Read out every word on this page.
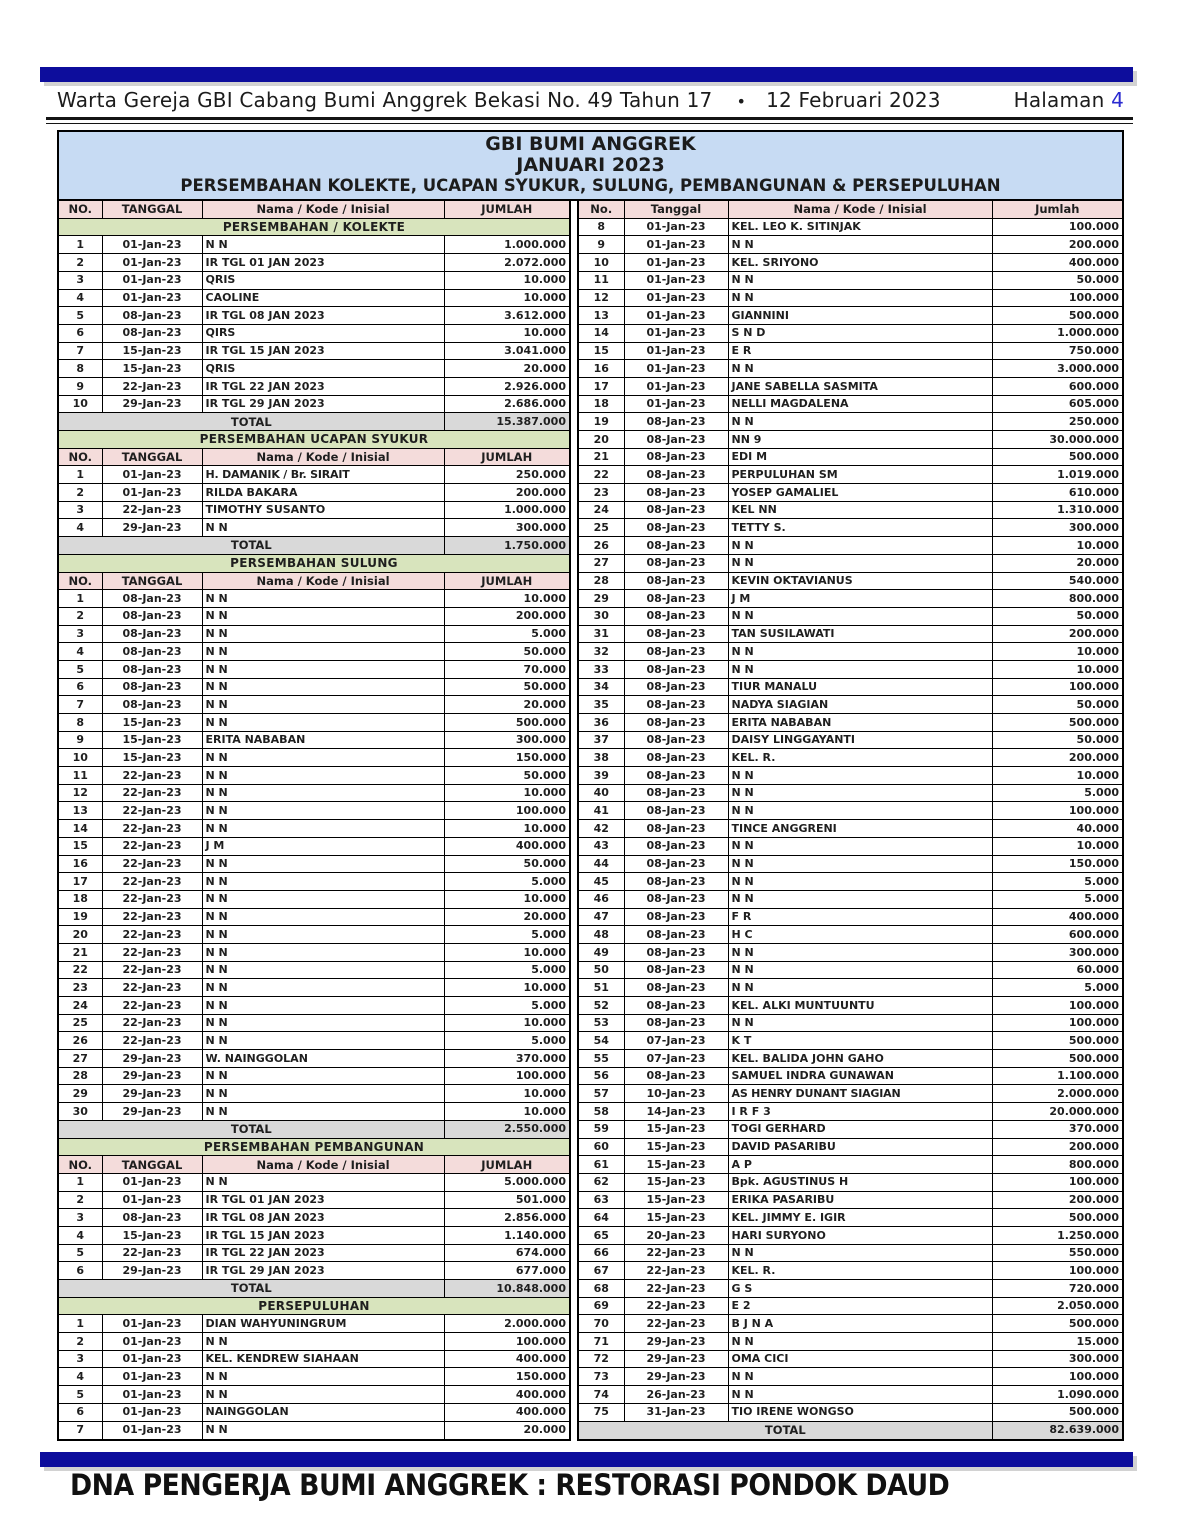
Warta Gereja GBI Cabang Bumi Anggrek Bekasi No. 49 Tahun 17 • 12 Februari 2023	Halaman 4
GBI BUMI ANGGREK
JANUARI 2023
PERSEMBAHAN KOLEKTE, UCAPAN SYUKUR, SULUNG, PEMBANGUNAN & PERSEPULUHAN
NO.	TANGGAL	Nama / Kode / Inisial	JUMLAH
PERSEMBAHAN / KOLEKTE			
1	01-Jan-23	N N	1.000.000
2	01-Jan-23	IR TGL 01 JAN 2023	2.072.000
3	01-Jan-23	QRIS	10.000
4	01-Jan-23	CAOLINE	10.000
5	08-Jan-23	IR TGL 08 JAN 2023	3.612.000
6	08-Jan-23	QIRS	10.000
7	15-Jan-23	IR TGL 15 JAN 2023	3.041.000
8	15-Jan-23	QRIS	20.000
9	22-Jan-23	IR TGL 22 JAN 2023	2.926.000
10	29-Jan-23	IR TGL 29 JAN 2023	2.686.000
TOTAL			15.387.000
PERSEMBAHAN UCAPAN SYUKUR			
NO.	TANGGAL	Nama / Kode / Inisial	JUMLAH
1	01-Jan-23	H. DAMANIK / Br. SIRAIT	250.000
2	01-Jan-23	RILDA BAKARA	200.000
3	22-Jan-23	TIMOTHY SUSANTO	1.000.000
4	29-Jan-23	N N	300.000
TOTAL			1.750.000
PERSEMBAHAN SULUNG			
NO.	TANGGAL	Nama / Kode / Inisial	JUMLAH
1	08-Jan-23	N N	10.000
2	08-Jan-23	N N	200.000
3	08-Jan-23	N N	5.000
4	08-Jan-23	N N	50.000
5	08-Jan-23	N N	70.000
6	08-Jan-23	N N	50.000
7	08-Jan-23	N N	20.000
8	15-Jan-23	N N	500.000
9	15-Jan-23	ERITA NABABAN	300.000
10	15-Jan-23	N N	150.000
11	22-Jan-23	N N	50.000
12	22-Jan-23	N N	10.000
13	22-Jan-23	N N	100.000
14	22-Jan-23	N N	10.000
15	22-Jan-23	J M	400.000
16	22-Jan-23	N N	50.000
17	22-Jan-23	N N	5.000
18	22-Jan-23	N N	10.000
19	22-Jan-23	N N	20.000
20	22-Jan-23	N N	5.000
21	22-Jan-23	N N	10.000
22	22-Jan-23	N N	5.000
23	22-Jan-23	N N	10.000
24	22-Jan-23	N N	5.000
25	22-Jan-23	N N	10.000
26	22-Jan-23	N N	5.000
27	29-Jan-23	W. NAINGGOLAN	370.000
28	29-Jan-23	N N	100.000
29	29-Jan-23	N N	10.000
30	29-Jan-23	N N	10.000
TOTAL			2.550.000
PERSEMBAHAN PEMBANGUNAN			
NO.	TANGGAL	Nama / Kode / Inisial	JUMLAH
1	01-Jan-23	N N	5.000.000
2	01-Jan-23	IR TGL 01 JAN 2023	501.000
3	08-Jan-23	IR TGL 08 JAN 2023	2.856.000
4	15-Jan-23	IR TGL 15 JAN 2023	1.140.000
5	22-Jan-23	IR TGL 22 JAN 2023	674.000
6	29-Jan-23	IR TGL 29 JAN 2023	677.000
TOTAL			10.848.000
PERSEPULUHAN			
1	01-Jan-23	DIAN WAHYUNINGRUM	2.000.000
2	01-Jan-23	N N	100.000
3	01-Jan-23	KEL. KENDREW SIAHAAN	400.000
4	01-Jan-23	N N	150.000
5	01-Jan-23	N N	400.000
6	01-Jan-23	NAINGGOLAN	400.000
7	01-Jan-23	N N	20.000
No.	Tanggal	Nama / Kode / Inisial	Jumlah
8	01-Jan-23	KEL. LEO K. SITINJAK	100.000
9	01-Jan-23	N N	200.000
10	01-Jan-23	KEL. SRIYONO	400.000
11	01-Jan-23	N N	50.000
12	01-Jan-23	N N	100.000
13	01-Jan-23	GIANNINI	500.000
14	01-Jan-23	S N D	1.000.000
15	01-Jan-23	E R	750.000
16	01-Jan-23	N N	3.000.000
17	01-Jan-23	JANE SABELLA SASMITA	600.000
18	01-Jan-23	NELLI MAGDALENA	605.000
19	08-Jan-23	N N	250.000
20	08-Jan-23	NN 9	30.000.000
21	08-Jan-23	EDI M	500.000
22	08-Jan-23	PERPULUHAN SM	1.019.000
23	08-Jan-23	YOSEP GAMALIEL	610.000
24	08-Jan-23	KEL NN	1.310.000
25	08-Jan-23	TETTY S.	300.000
26	08-Jan-23	N N	10.000
27	08-Jan-23	N N	20.000
28	08-Jan-23	KEVIN OKTAVIANUS	540.000
29	08-Jan-23	J M	800.000
30	08-Jan-23	N N	50.000
31	08-Jan-23	TAN SUSILAWATI	200.000
32	08-Jan-23	N N	10.000
33	08-Jan-23	N N	10.000
34	08-Jan-23	TIUR MANALU	100.000
35	08-Jan-23	NADYA SIAGIAN	50.000
36	08-Jan-23	ERITA NABABAN	500.000
37	08-Jan-23	DAISY LINGGAYANTI	50.000
38	08-Jan-23	KEL. R.	200.000
39	08-Jan-23	N N	10.000
40	08-Jan-23	N N	5.000
41	08-Jan-23	N N	100.000
42	08-Jan-23	TINCE ANGGRENI	40.000
43	08-Jan-23	N N	10.000
44	08-Jan-23	N N	150.000
45	08-Jan-23	N N	5.000
46	08-Jan-23	N N	5.000
47	08-Jan-23	F R	400.000
48	08-Jan-23	H C	600.000
49	08-Jan-23	N N	300.000
50	08-Jan-23	N N	60.000
51	08-Jan-23	N N	5.000
52	08-Jan-23	KEL. ALKI MUNTUUNTU	100.000
53	08-Jan-23	N N	100.000
54	07-Jan-23	K T	500.000
55	07-Jan-23	KEL. BALIDA JOHN GAHO	500.000
56	08-Jan-23	SAMUEL INDRA GUNAWAN	1.100.000
57	10-Jan-23	AS HENRY DUNANT SIAGIAN	2.000.000
58	14-Jan-23	I R F 3	20.000.000
59	15-Jan-23	TOGI GERHARD	370.000
60	15-Jan-23	DAVID PASARIBU	200.000
61	15-Jan-23	A P	800.000
62	15-Jan-23	Bpk. AGUSTINUS H	100.000
63	15-Jan-23	ERIKA PASARIBU	200.000
64	15-Jan-23	KEL. JIMMY E. IGIR	500.000
65	20-Jan-23	HARI SURYONO	1.250.000
66	22-Jan-23	N N	550.000
67	22-Jan-23	KEL. R.	100.000
68	22-Jan-23	G S	720.000
69	22-Jan-23	E 2	2.050.000
70	22-Jan-23	B J N A	500.000
71	29-Jan-23	N N	15.000
72	29-Jan-23	OMA CICI	300.000
73	29-Jan-23	N N	100.000
74	26-Jan-23	N N	1.090.000
75	31-Jan-23	TIO IRENE WONGSO	500.000
TOTAL			82.639.000
DNA PENGERJA BUMI ANGGREK : RESTORASI PONDOK DAUD
